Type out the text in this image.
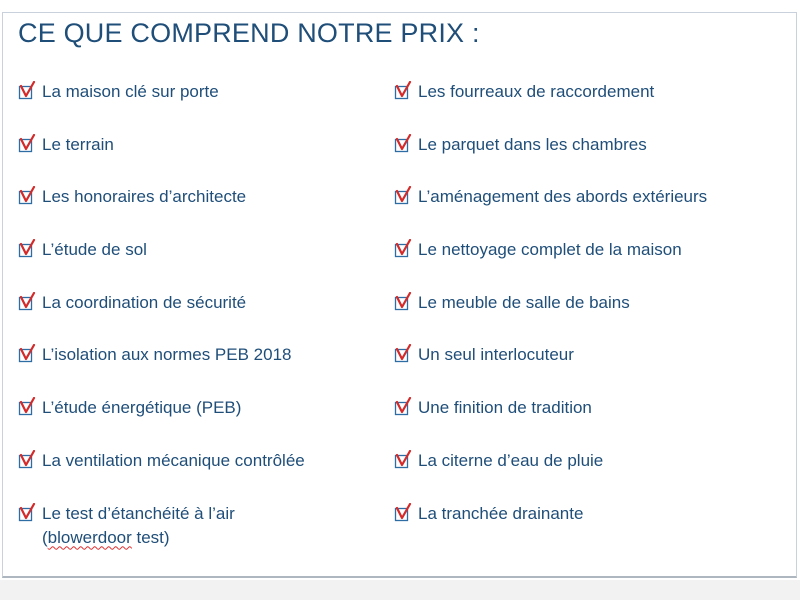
CE QUE COMPREND NOTRE PRIX :
La maison clé sur porte
Le terrain
Les honoraires d’architecte
L’étude de sol
La coordination de sécurité
L’isolation aux normes PEB 2018
L’étude énergétique (PEB)
La ventilation mécanique contrôlée
Le test d’étanchéité à l’air
(blowerdoor test)
Les fourreaux de raccordement
Le parquet dans les chambres
L’aménagement des abords extérieurs
Le nettoyage complet de la maison
Le meuble de salle de bains
Un seul interlocuteur
Une finition de tradition
La citerne d’eau de pluie
La tranchée drainante
